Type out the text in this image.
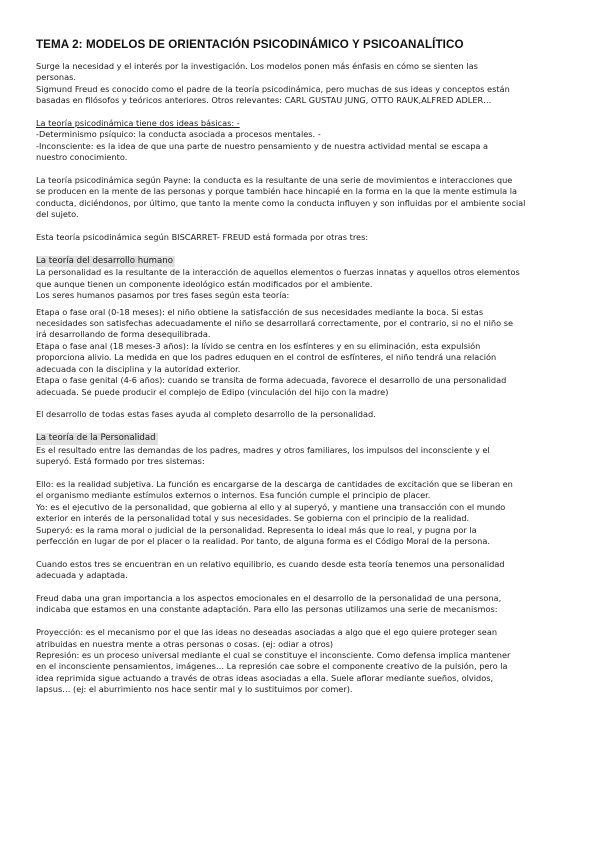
TEMA 2: MODELOS DE ORIENTACIÓN PSICODINÁMICO Y PSICOANALÍTICO

Surge la necesidad y el interés por la investigación. Los modelos ponen más énfasis en cómo se sienten las

personas.

Sigmund Freud es conocido como el padre de la teoría psicodinámica, pero muchas de sus ideas y conceptos están

basadas en filósofos y teóricos anteriores. Otros relevantes: CARL GUSTAU JUNG, OTTO RAUK,ALFRED ADLER…

La teoría psicodinámica tiene dos ideas básicas: -

-Determinismo psíquico: la conducta asociada a procesos mentales. -

-Inconsciente: es la idea de que una parte de nuestro pensamiento y de nuestra actividad mental se escapa a

nuestro conocimiento.

La teoría psicodinámica según Payne: la conducta es la resultante de una serie de movimientos e interacciones que

se producen en la mente de las personas y porque también hace hincapié en la forma en la que la mente estimula la

conducta, diciéndonos, por último, que tanto la mente como la conducta influyen y son influidas por el ambiente social

del sujeto.

Esta teoría psicodinámica según BISCARRET- FREUD está formada por otras tres:

La teoría del desarrollo humano

La personalidad es la resultante de la interacción de aquellos elementos o fuerzas innatas y aquellos otros elementos

que aunque tienen un componente ideológico están modificados por el ambiente.

Los seres humanos pasamos por tres fases según esta teoría:

Etapa o fase oral (0-18 meses): el niño obtiene la satisfacción de sus necesidades mediante la boca. Si estas

necesidades son satisfechas adecuadamente el niño se desarrollará correctamente, por el contrario, si no el niño se

irá desarrollando de forma desequilibrada.

Etapa o fase anal (18 meses-3 años): la lívido se centra en los esfínteres y en su eliminación, esta expulsión

proporciona alivio. La medida en que los padres eduquen en el control de esfínteres, el niño tendrá una relación

adecuada con la disciplina y la autoridad exterior.

Etapa o fase genital (4-6 años): cuando se transita de forma adecuada, favorece el desarrollo de una personalidad

adecuada. Se puede producir el complejo de Edipo (vinculación del hijo con la madre)

El desarrollo de todas estas fases ayuda al completo desarrollo de la personalidad.

La teoría de la Personalidad

Es el resultado entre las demandas de los padres, madres y otros familiares, los impulsos del inconsciente y el

superyó. Está formado por tres sistemas:

Ello: es la realidad subjetiva. La función es encargarse de la descarga de cantidades de excitación que se liberan en

el organismo mediante estímulos externos o internos. Esa función cumple el principio de placer.

Yo: es el ejecutivo de la personalidad, que gobierna al ello y al superyó, y mantiene una transacción con el mundo

exterior en interés de la personalidad total y sus necesidades. Se gobierna con el principio de la realidad.

Superyó: es la rama moral o judicial de la personalidad. Representa lo ideal más que lo real, y pugna por la

perfección en lugar de por el placer o la realidad. Por tanto, de alguna forma es el Código Moral de la persona.

Cuando estos tres se encuentran en un relativo equilibrio, es cuando desde esta teoría tenemos una personalidad

adecuada y adaptada.

Freud daba una gran importancia a los aspectos emocionales en el desarrollo de la personalidad de una persona,

indicaba que estamos en una constante adaptación. Para ello las personas utilizamos una serie de mecanismos:

Proyección: es el mecanismo por el que las ideas no deseadas asociadas a algo que el ego quiere proteger sean

atribuidas en nuestra mente a otras personas o cosas. (ej: odiar a otros)

Represión: es un proceso universal mediante el cual se constituye el inconsciente. Como defensa implica mantener

en el inconsciente pensamientos, imágenes… La represión cae sobre el componente creativo de la pulsión, pero la

idea reprimida sigue actuando a través de otras ideas asociadas a ella. Suele aflorar mediante sueños, olvidos,

lapsus… (ej: el aburrimiento nos hace sentir mal y lo sustituimos por comer).
